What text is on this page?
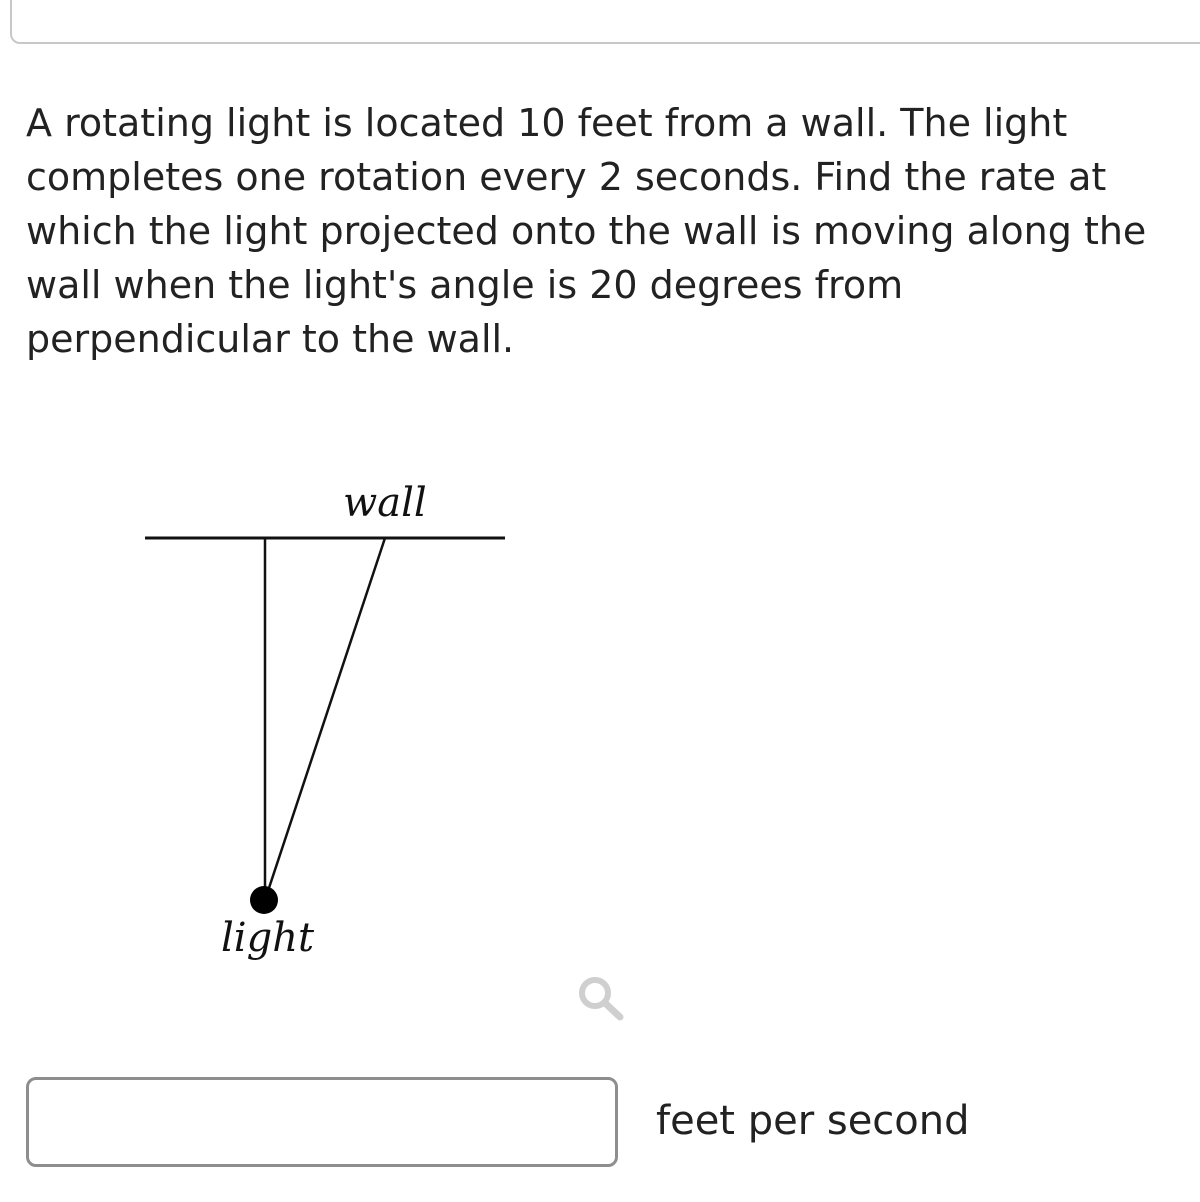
A rotating light is located 10 feet from a wall. The light completes one rotation every 2 seconds. Find the rate at which the light projected onto the wall is moving along the wall when the light's angle is 20 degrees from perpendicular to the wall.
wall
light
feet per second
